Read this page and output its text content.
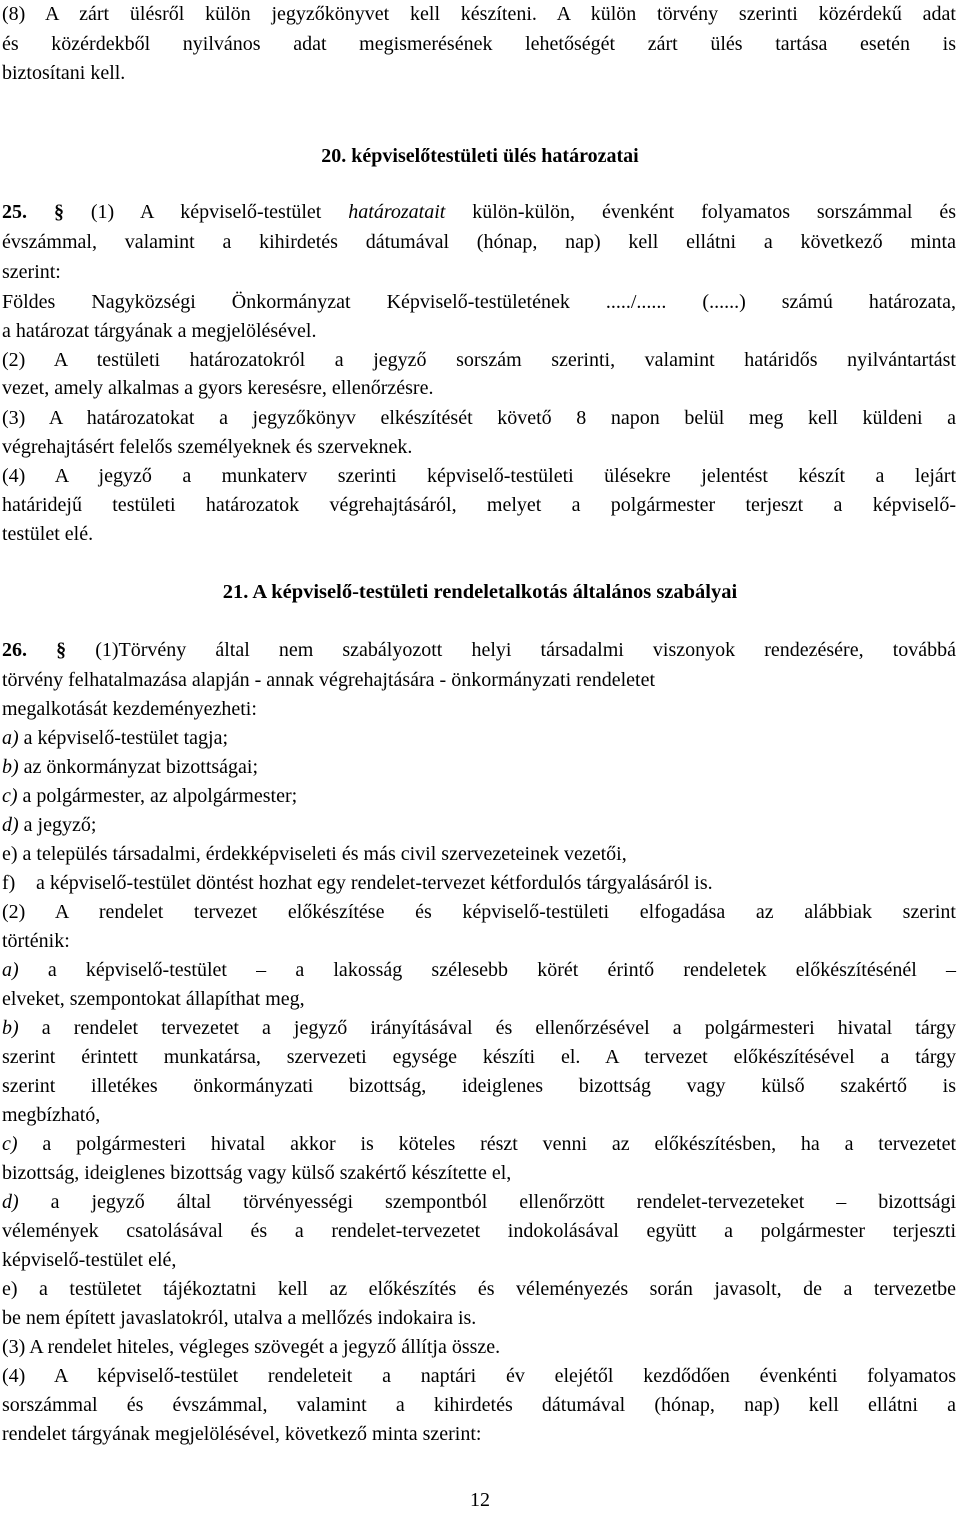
(8) A zárt ülésről külön jegyzőkönyvet kell készíteni. A külön törvény szerinti közérdekű adat
és közérdekből nyilvános adat megismerésének lehetőségét zárt ülés tartása esetén is
biztosítani kell.
20. képviselőtestületi ülés határozatai
25. § (1) A képviselő-testület határozatait külön-külön, évenként folyamatos sorszámmal és
évszámmal, valamint a kihirdetés dátumával (hónap, nap) kell ellátni a következő minta
szerint:
Földes Nagyközségi Önkormányzat Képviselő-testületének ...../...... (......) számú határozata,
a határozat tárgyának a megjelölésével.
(2) A testületi határozatokról a jegyző sorszám szerinti, valamint határidős nyilvántartást
vezet, amely alkalmas a gyors keresésre, ellenőrzésre.
(3) A határozatokat a jegyzőkönyv elkészítését követő 8 napon belül meg kell küldeni a
végrehajtásért felelős személyeknek és szerveknek.
(4) A jegyző a munkaterv szerinti képviselő-testületi ülésekre jelentést készít a lejárt
határidejű testületi határozatok végrehajtásáról, melyet a polgármester terjeszt a képviselő-
testület elé.
21. A képviselő-testületi rendeletalkotás általános szabályai
26. § (1)Törvény által nem szabályozott helyi társadalmi viszonyok rendezésére, továbbá
törvény felhatalmazása alapján - annak végrehajtására - önkormányzati rendeletet
megalkotását kezdeményezheti:
a) a képviselő-testület tagja;
b) az önkormányzat bizottságai;
c) a polgármester, az alpolgármester;
d) a jegyző;
e) a település társadalmi, érdekképviseleti és más civil szervezeteinek vezetői,
f) a képviselő-testület döntést hozhat egy rendelet-tervezet kétfordulós tárgyalásáról is.
(2) A rendelet tervezet előkészítése és képviselő-testületi elfogadása az alábbiak szerint
történik:
a) a képviselő-testület – a lakosság szélesebb körét érintő rendeletek előkészítésénél –
elveket, szempontokat állapíthat meg,
b) a rendelet tervezetet a jegyző irányításával és ellenőrzésével a polgármesteri hivatal tárgy
szerint érintett munkatársa, szervezeti egysége készíti el. A tervezet előkészítésével a tárgy
szerint illetékes önkormányzati bizottság, ideiglenes bizottság vagy külső szakértő is
megbízható,
c) a polgármesteri hivatal akkor is köteles részt venni az előkészítésben, ha a tervezetet
bizottság, ideiglenes bizottság vagy külső szakértő készítette el,
d) a jegyző által törvényességi szempontból ellenőrzött rendelet-tervezeteket – bizottsági
vélemények csatolásával és a rendelet-tervezetet indokolásával együtt a polgármester terjeszti
képviselő-testület elé,
e) a testületet tájékoztatni kell az előkészítés és véleményezés során javasolt, de a tervezetbe
be nem épített javaslatokról, utalva a mellőzés indokaira is.
(3) A rendelet hiteles, végleges szövegét a jegyző állítja össze.
(4) A képviselő-testület rendeleteit a naptári év elejétől kezdődően évenkénti folyamatos
sorszámmal és évszámmal, valamint a kihirdetés dátumával (hónap, nap) kell ellátni a
rendelet tárgyának megjelölésével, következő minta szerint:
12
